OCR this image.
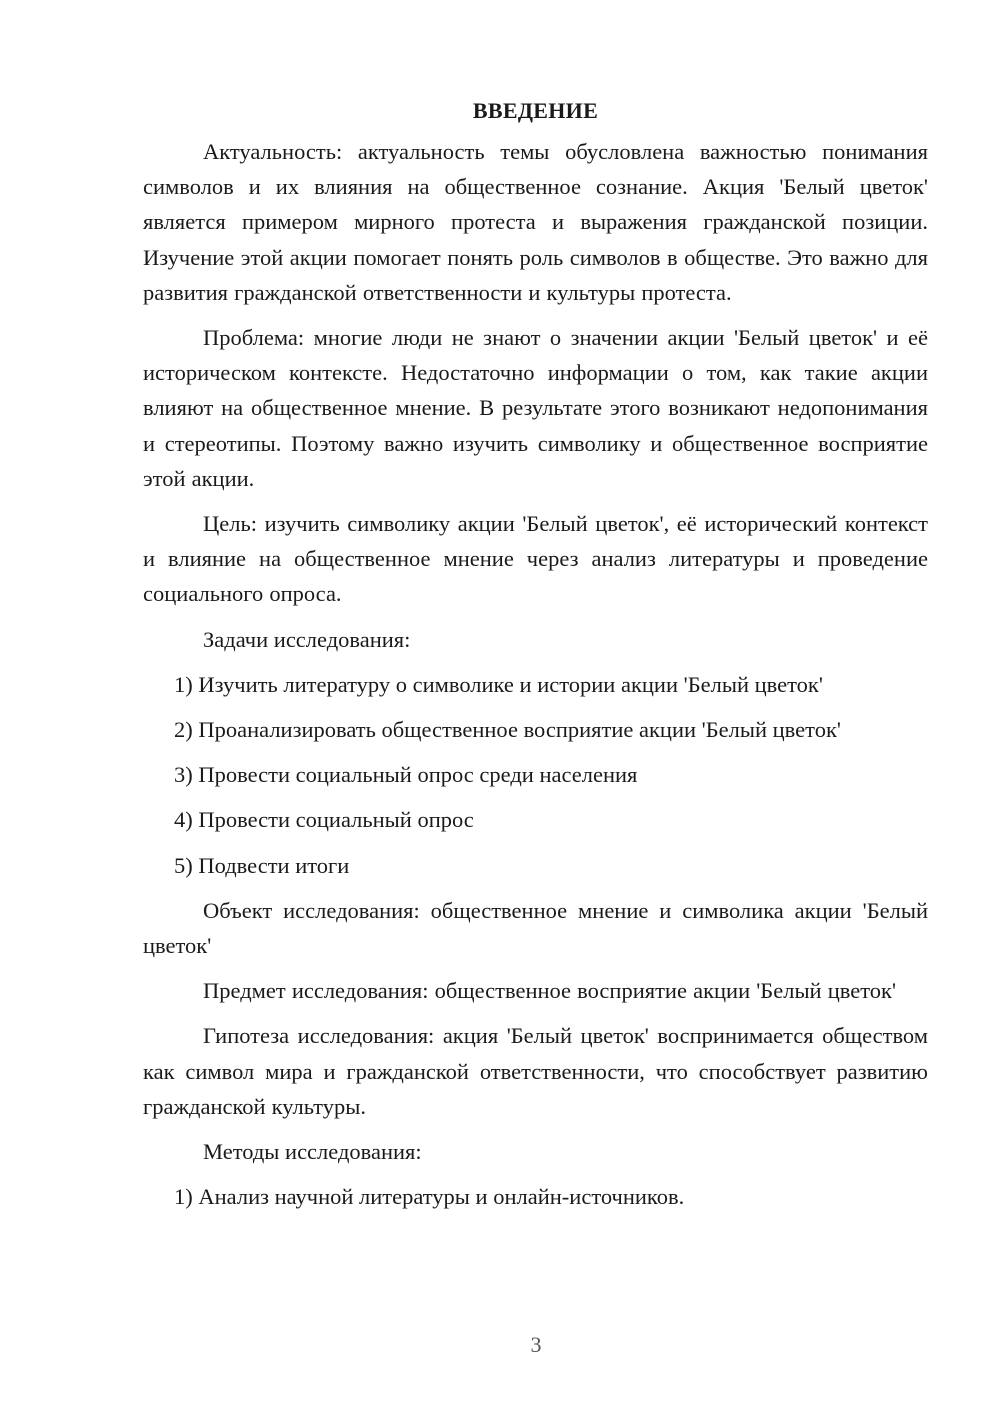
ВВЕДЕНИЕ

Актуальность: актуальность темы обусловлена важностью понимания символов и их влияния на общественное сознание. Акция 'Белый цветок' является примером мирного протеста и выражения гражданской позиции. Изучение этой акции помогает понять роль символов в обществе. Это важно для развития гражданской ответственности и культуры протеста.

Проблема: многие люди не знают о значении акции 'Белый цветок' и её историческом контексте. Недостаточно информации о том, как такие акции влияют на общественное мнение. В результате этого возникают недопонимания и стереотипы. Поэтому важно изучить символику и общественное восприятие этой акции.

Цель: изучить символику акции 'Белый цветок', её исторический контекст и влияние на общественное мнение через анализ литературы и проведение социального опроса.

Задачи исследования:
1) Изучить литературу о символике и истории акции 'Белый цветок'
2) Проанализировать общественное восприятие акции 'Белый цветок'
3) Провести социальный опрос среди населения
4) Провести социальный опрос
5) Подвести итоги

Объект исследования: общественное мнение и символика акции 'Белый цветок'

Предмет исследования: общественное восприятие акции 'Белый цветок'

Гипотеза исследования: акция 'Белый цветок' воспринимается обществом как символ мира и гражданской ответственности, что способствует развитию гражданской культуры.

Методы исследования:
1) Анализ научной литературы и онлайн-источников.
3
